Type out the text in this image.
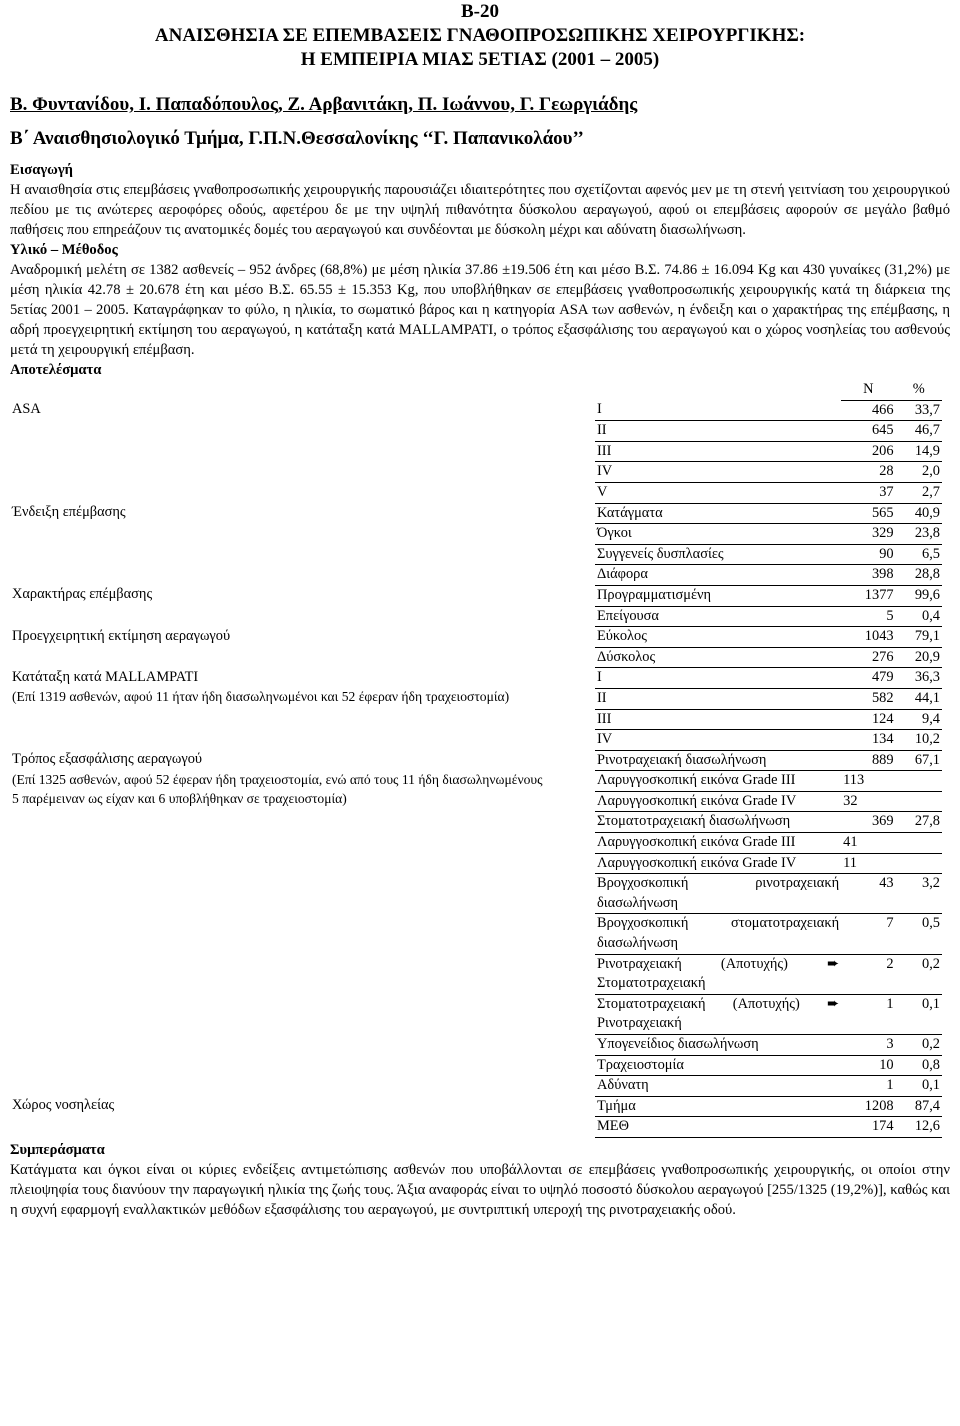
B-20
ΑΝΑΙΣΘΗΣΙΑ ΣΕ ΕΠΕΜΒΑΣΕΙΣ ΓΝΑΘΟΠΡΟΣΩΠΙΚΗΣ ΧΕΙΡΟΥΡΓΙΚΗΣ:
Η ΕΜΠΕΙΡΙΑ ΜΙΑΣ 5ΕΤΙΑΣ (2001 – 2005)
Β. Φυντανίδου, Ι. Παπαδόπουλος, Ζ. Αρβανιτάκη, Π. Ιωάννου, Γ. Γεωργιάδης
Β΄ Αναισθησιολογικό Τμήμα, Γ.Π.Ν.Θεσσαλονίκης ‘‘Γ. Παπανικολάου’’
Εισαγωγή

Η αναισθησία στις επεμβάσεις γναθοπροσωπικής χειρουργικής παρουσιάζει ιδιαιτερότητες που σχετίζονται αφενός μεν με τη στενή γειτνίαση του χειρουργικού πεδίου με τις ανώτερες αεροφόρες οδούς, αφετέρου δε με την υψηλή πιθανότητα δύσκολου αεραγωγού, αφού οι επεμβάσεις αφορούν σε μεγάλο βαθμό παθήσεις που επηρεάζουν τις ανατομικές δομές του αεραγωγού και συνδέονται με δύσκολη μέχρι και αδύνατη διασωλήνωση.

Υλικό – Μέθοδος

Αναδρομική μελέτη σε 1382 ασθενείς – 952 άνδρες (68,8%) με μέση ηλικία 37.86 ±19.506 έτη και μέσο Β.Σ. 74.86 ± 16.094 Kg και 430 γυναίκες (31,2%) με μέση ηλικία 42.78 ± 20.678 έτη και μέσο Β.Σ. 65.55 ± 15.353 Kg, που υποβλήθηκαν σε επεμβάσεις γναθοπροσωπικής χειρουργικής κατά τη διάρκεια της 5ετίας 2001 – 2005. Καταγράφηκαν το φύλο, η ηλικία, το σωματικό βάρος και η κατηγορία ASA των ασθενών, η ένδειξη και ο χαρακτήρας της επέμβασης, η αδρή προεγχειρητική εκτίμηση του αεραγωγού, η κατάταξη κατά MALLAMPATI, ο τρόπος εξασφάλισης του αεραγωγού και ο χώρος νοσηλείας του ασθενούς μετά τη χειρουργική επέμβαση.

Αποτελέσματα
		N	%

ASA	I	466	33,7
	II	645	46,7
	III	206	14,9
	IV	28	2,0
	V	37	2,7

Ένδειξη επέμβασης	Κατάγματα	565	40,9
	Όγκοι	329	23,8
	Συγγενείς δυσπλασίες	90	6,5
	Διάφορα	398	28,8

Χαρακτήρας επέμβασης	Προγραμματισμένη	1377	99,6
	Επείγουσα	5	0,4

Προεγχειρητική εκτίμηση αεραγωγού	Εύκολος	1043	79,1
	Δύσκολος	276	20,9

Κατάταξη κατά MALLAMPATI
(Επί 1319 ασθενών, αφού 11 ήταν ήδη διασωληνωμένοι και 52 έφεραν ήδη τραχειοστομία)	I	479	36,3
	II	582	44,1
	III	124	9,4
	IV	134	10,2

Τρόπος εξασφάλισης αεραγωγού
(Επί 1325 ασθενών, αφού 52 έφεραν ήδη τραχειοστομία, ενώ από τους 11 ήδη διασωληνωμένους 5 παρέμειναν ως είχαν και 6 υποβλήθηκαν σε τραχειοστομία)	Ρινοτραχειακή διασωλήνωση	889	67,1
	Λαρυγγοσκοπική εικόνα Grade III	113	
	Λαρυγγοσκοπική εικόνα Grade IV	32	
	Στοματοτραχειακή διασωλήνωση	369	27,8
	Λαρυγγοσκοπική εικόνα Grade III	41	
	Λαρυγγοσκοπική εικόνα Grade IV	11	
	Βρογχοσκοπική ρινοτραχειακή διασωλήνωση	43	3,2
	Βρογχοσκοπική στοματοτραχειακή διασωλήνωση	7	0,5
	Ρινοτραχειακή (Αποτυχής) ➨ Στοματοτραχειακή	2	0,2
	Στοματοτραχειακή (Αποτυχής) ➨ Ρινοτραχειακή	1	0,1
	Υπογενείδιος διασωλήνωση	3	0,2
	Τραχειοστομία	10	0,8
	Αδύνατη	1	0,1

Χώρος νοσηλείας	Τμήμα	1208	87,4
	ΜΕΘ	174	12,6
Συμπεράσματα

Κατάγματα και όγκοι είναι οι κύριες ενδείξεις αντιμετώπισης ασθενών που υποβάλλονται σε επεμβάσεις γναθοπροσωπικής χειρουργικής, οι οποίοι στην πλειοψηφία τους διανύουν την παραγωγική ηλικία της ζωής τους. Άξια αναφοράς είναι το υψηλό ποσοστό δύσκολου αεραγωγού [255/1325 (19,2%)], καθώς και η συχνή εφαρμογή εναλλακτικών μεθόδων εξασφάλισης του αεραγωγού, με συντριπτική υπεροχή της ρινοτραχειακής οδού.
